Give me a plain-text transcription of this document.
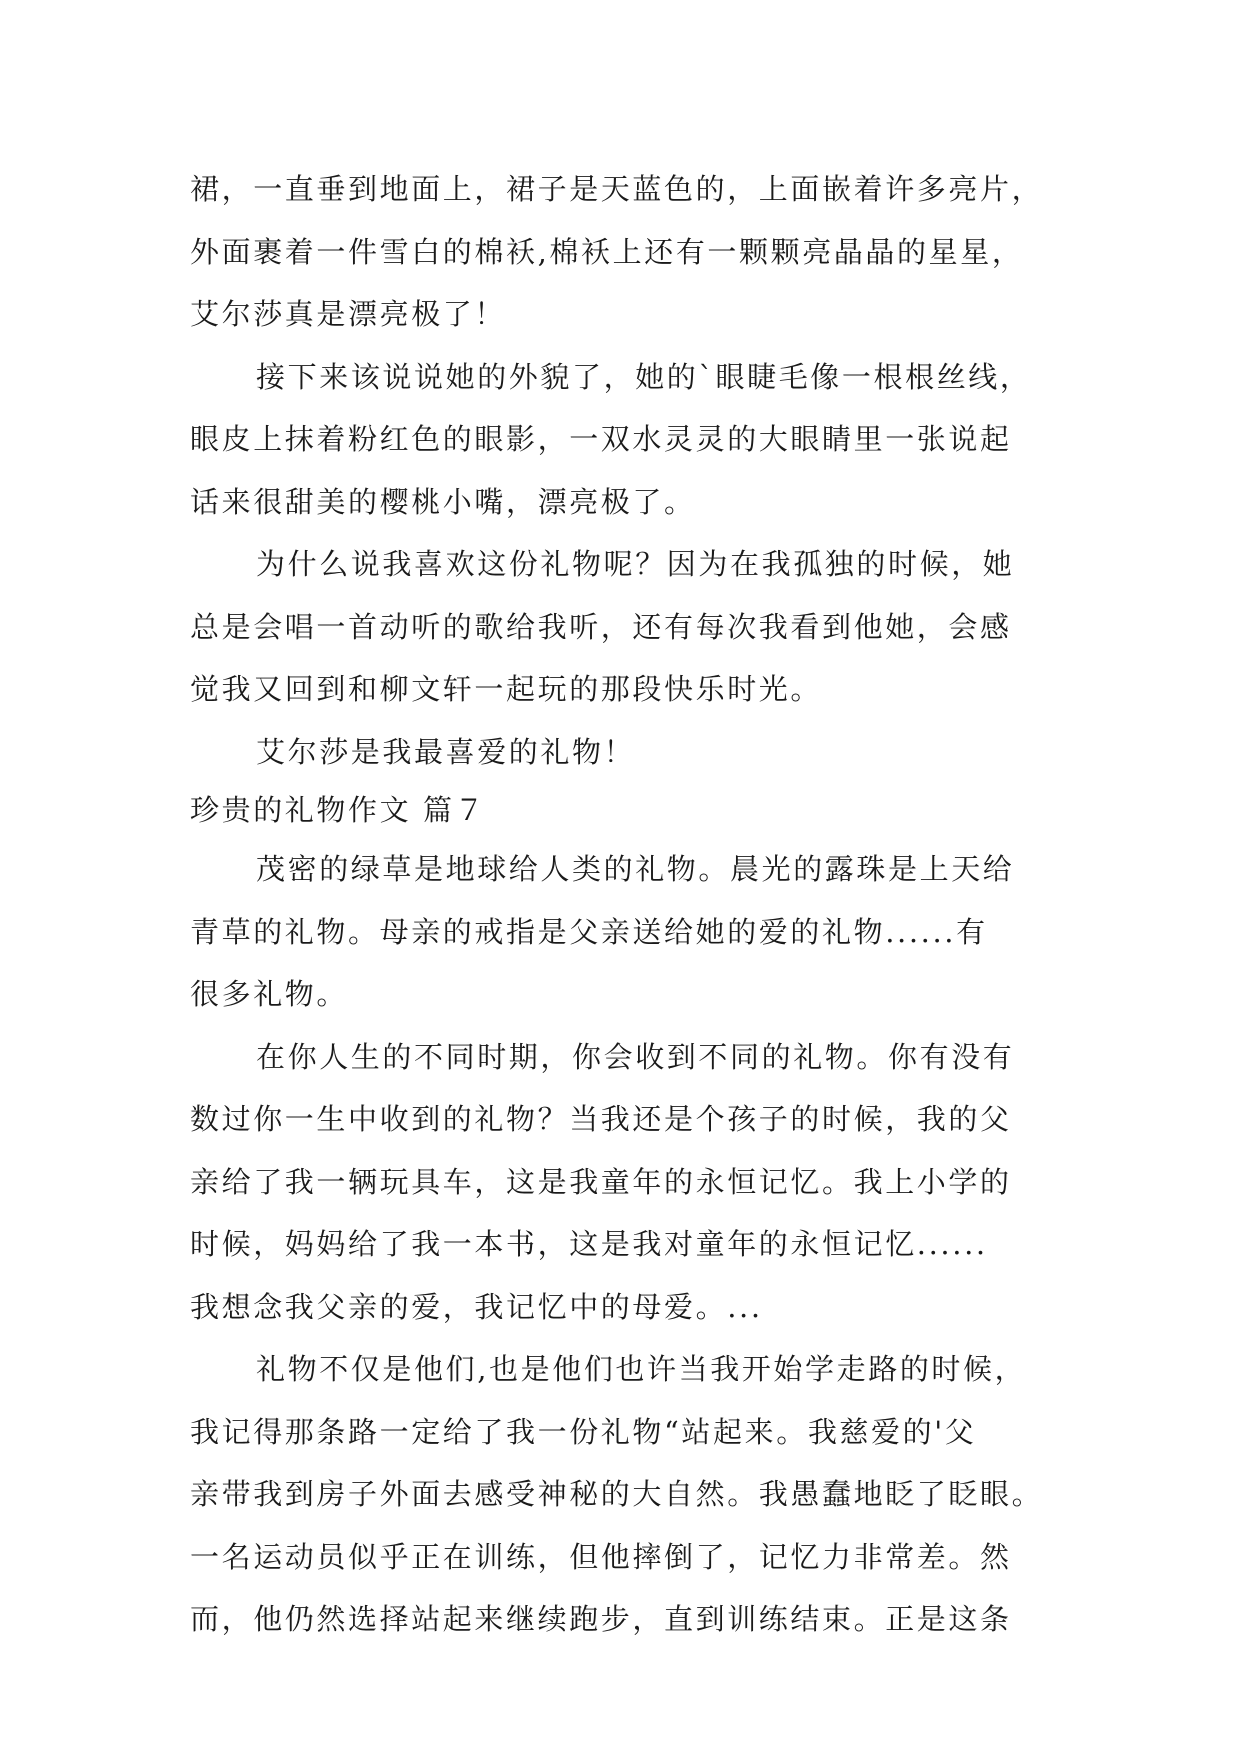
裙，一直垂到地面上，裙子是天蓝色的，上面嵌着许多亮片，
外面裹着一件雪白的棉袄,棉袄上还有一颗颗亮晶晶的星星，
艾尔莎真是漂亮极了！
接下来该说说她的外貌了，她的`眼睫毛像一根根丝线，
眼皮上抹着粉红色的眼影，一双水灵灵的大眼睛里一张说起
话来很甜美的樱桃小嘴，漂亮极了。
为什么说我喜欢这份礼物呢？因为在我孤独的时候，她
总是会唱一首动听的歌给我听，还有每次我看到他她，会感
觉我又回到和柳文轩一起玩的那段快乐时光。
艾尔莎是我最喜爱的礼物！
珍贵的礼物作文 篇７
茂密的绿草是地球给人类的礼物。晨光的露珠是上天给
青草的礼物。母亲的戒指是父亲送给她的爱的礼物......有
很多礼物。
在你人生的不同时期，你会收到不同的礼物。你有没有
数过你一生中收到的礼物？当我还是个孩子的时候，我的父
亲给了我一辆玩具车，这是我童年的永恒记忆。我上小学的
时候，妈妈给了我一本书，这是我对童年的永恒记忆......
我想念我父亲的爱，我记忆中的母爱。...
礼物不仅是他们,也是他们也许当我开始学走路的时候，
我记得那条路一定给了我一份礼物“站起来。我慈爱的'父
亲带我到房子外面去感受神秘的大自然。我愚蠢地眨了眨眼。
一名运动员似乎正在训练，但他摔倒了，记忆力非常差。然
而，他仍然选择站起来继续跑步，直到训练结束。正是这条
